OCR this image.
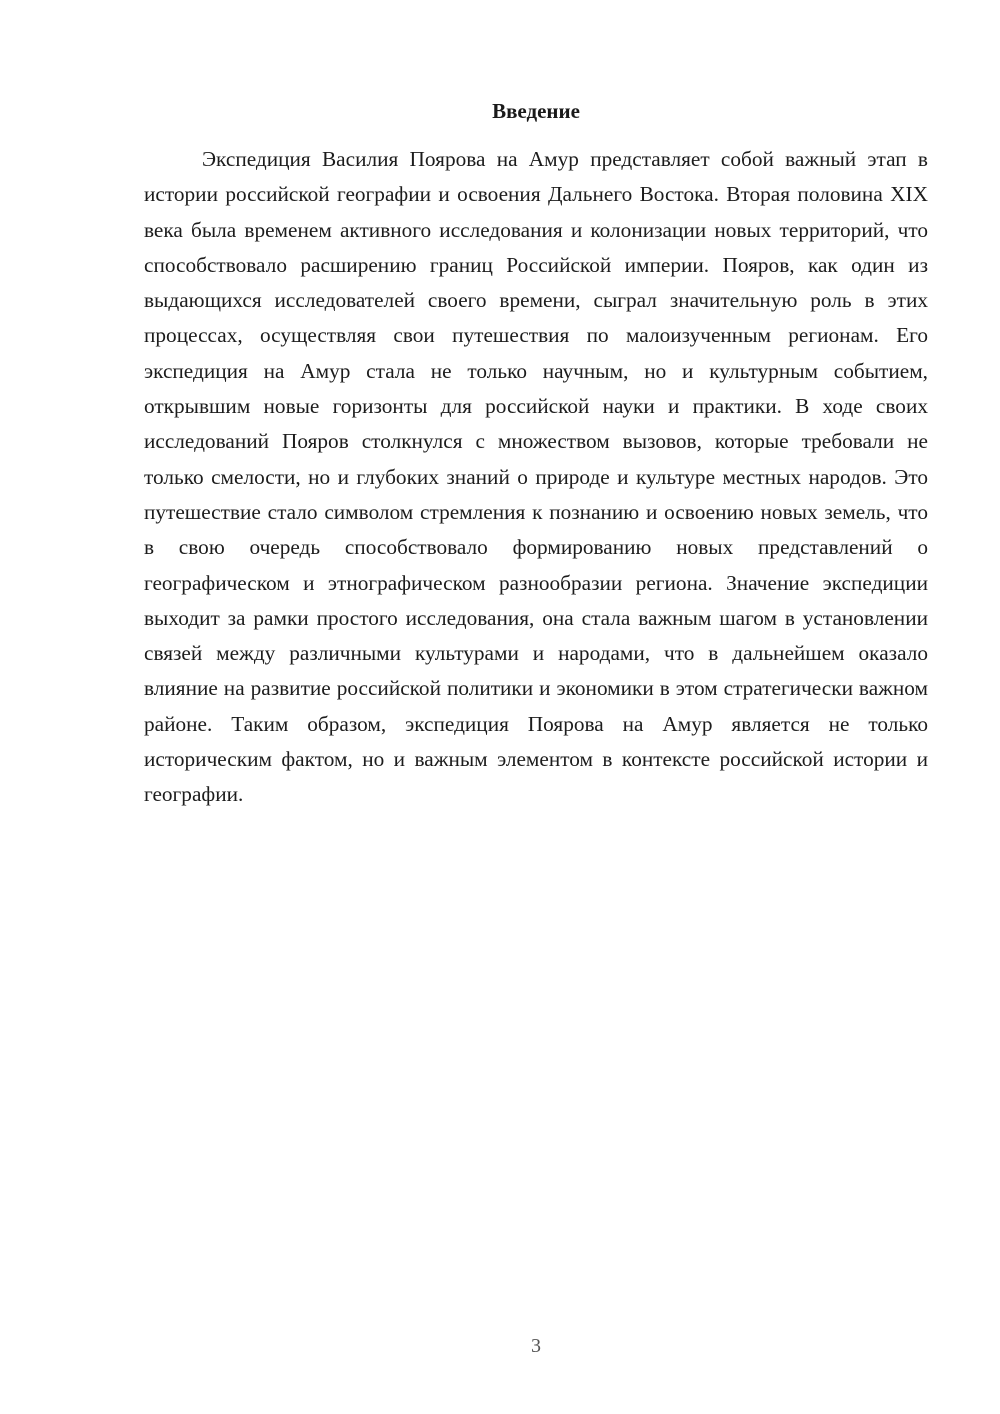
Введение

Экспедиция Василия Поярова на Амур представляет собой важный этап в истории российской географии и освоения Дальнего Востока. Вторая половина XIX века была временем активного исследования и колонизации новых территорий, что способствовало расширению границ Российской империи. Пояров, как один из выдающихся исследователей своего времени, сыграл значительную роль в этих процессах, осуществляя свои путешествия по малоизученным регионам. Его экспедиция на Амур стала не только научным, но и культурным событием, открывшим новые горизонты для российской науки и практики. В ходе своих исследований Пояров столкнулся с множеством вызовов, которые требовали не только смелости, но и глубоких знаний о природе и культуре местных народов. Это путешествие стало символом стремления к познанию и освоению новых земель, что в свою очередь способствовало формированию новых представлений о географическом и этнографическом разнообразии региона. Значение экспедиции выходит за рамки простого исследования, она стала важным шагом в установлении связей между различными культурами и народами, что в дальнейшем оказало влияние на развитие российской политики и экономики в этом стратегически важном районе. Таким образом, экспедиция Поярова на Амур является не только историческим фактом, но и важным элементом в контексте российской истории и географии.

3
